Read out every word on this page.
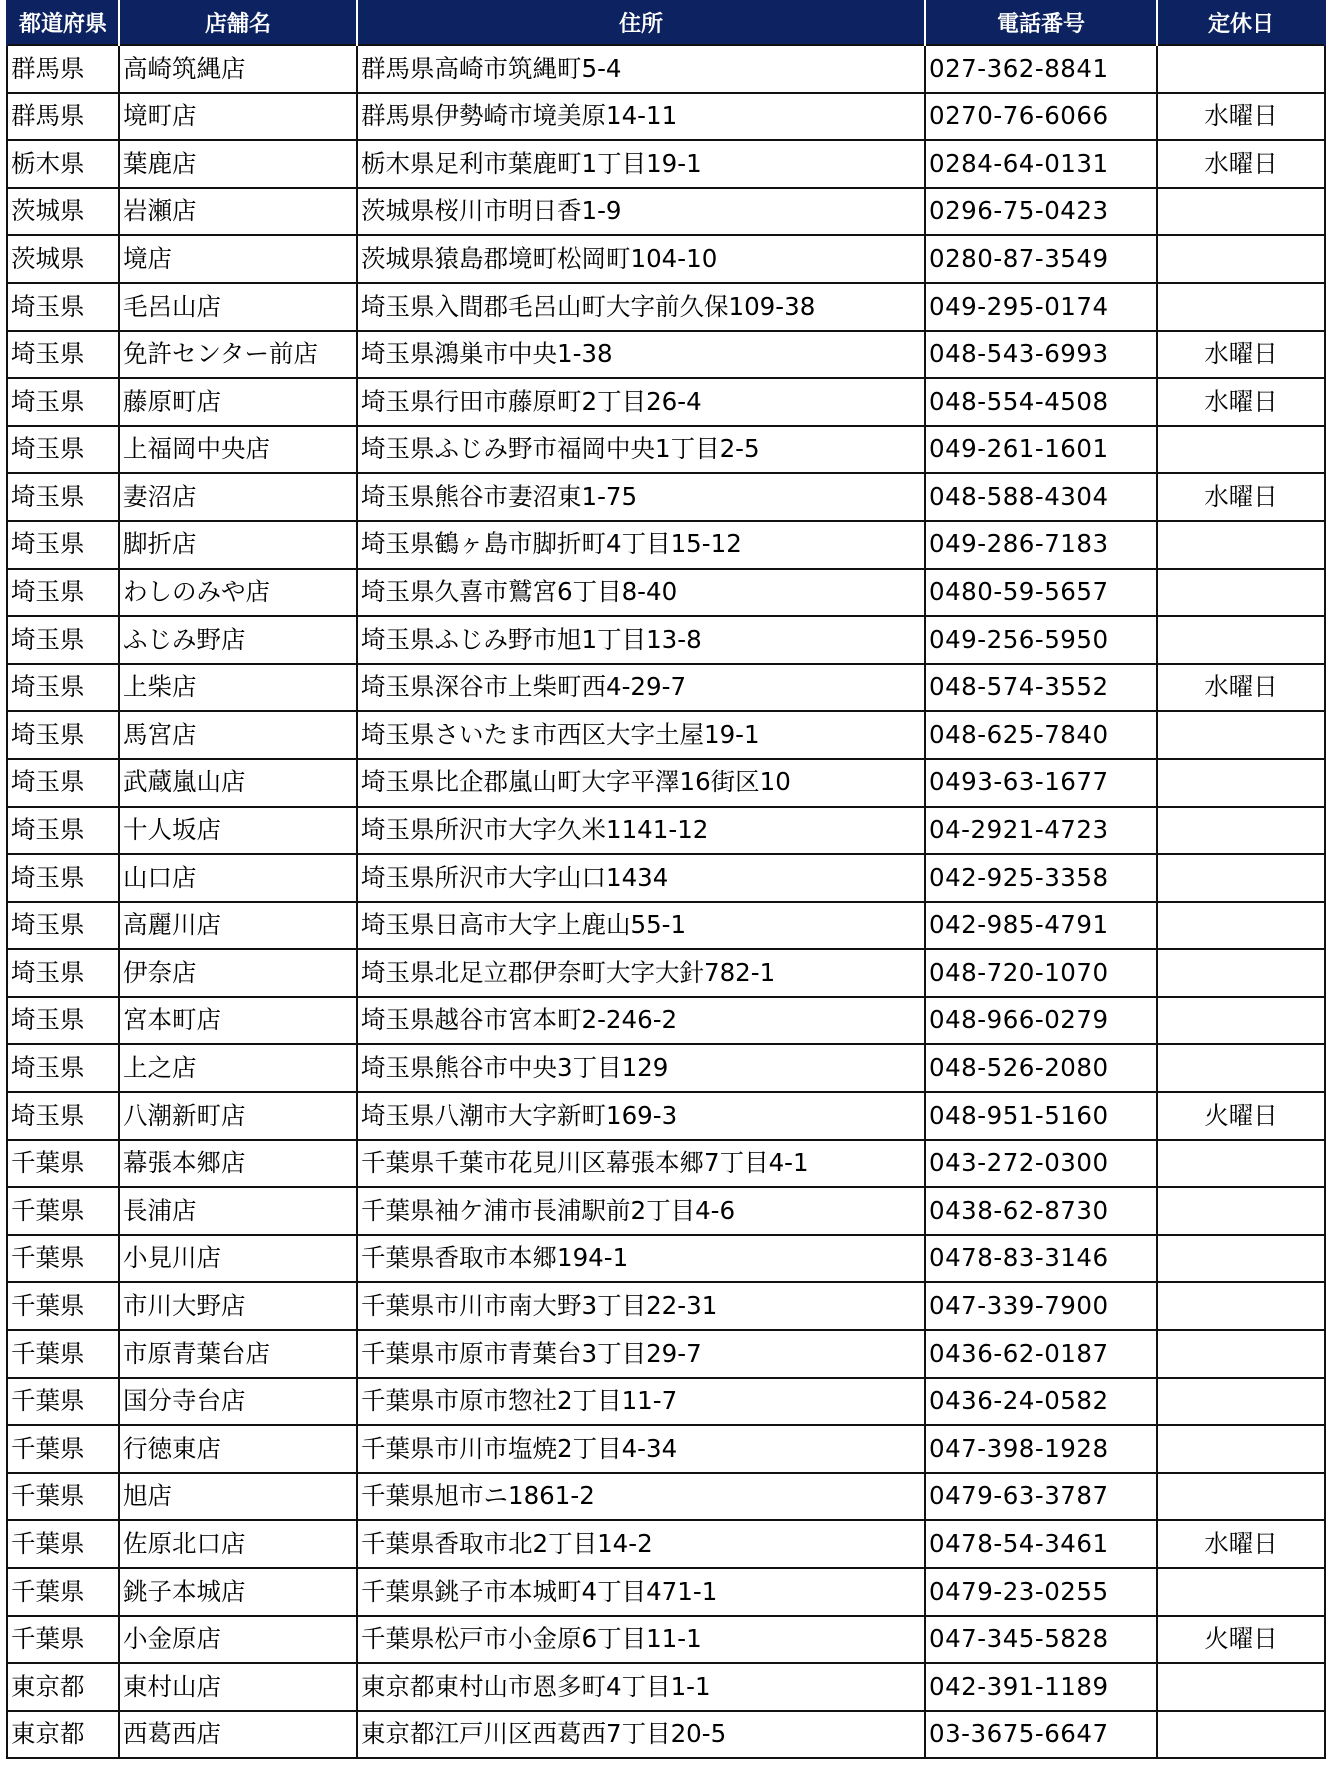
都道府県	店舗名	住所	電話番号	定休日
群馬県	高崎筑縄店	群馬県高崎市筑縄町5-4	027-362-8841	
群馬県	境町店	群馬県伊勢崎市境美原14-11	0270-76-6066	水曜日
栃木県	葉鹿店	栃木県足利市葉鹿町1丁目19-1	0284-64-0131	水曜日
茨城県	岩瀬店	茨城県桜川市明日香1-9	0296-75-0423	
茨城県	境店	茨城県猿島郡境町松岡町104-10	0280-87-3549	
埼玉県	毛呂山店	埼玉県入間郡毛呂山町大字前久保109-38	049-295-0174	
埼玉県	免許センター前店	埼玉県鴻巣市中央1-38	048-543-6993	水曜日
埼玉県	藤原町店	埼玉県行田市藤原町2丁目26-4	048-554-4508	水曜日
埼玉県	上福岡中央店	埼玉県ふじみ野市福岡中央1丁目2-5	049-261-1601	
埼玉県	妻沼店	埼玉県熊谷市妻沼東1-75	048-588-4304	水曜日
埼玉県	脚折店	埼玉県鶴ヶ島市脚折町4丁目15-12	049-286-7183	
埼玉県	わしのみや店	埼玉県久喜市鷲宮6丁目8-40	0480-59-5657	
埼玉県	ふじみ野店	埼玉県ふじみ野市旭1丁目13-8	049-256-5950	
埼玉県	上柴店	埼玉県深谷市上柴町西4-29-7	048-574-3552	水曜日
埼玉県	馬宮店	埼玉県さいたま市西区大字土屋19-1	048-625-7840	
埼玉県	武蔵嵐山店	埼玉県比企郡嵐山町大字平澤16街区10	0493-63-1677	
埼玉県	十人坂店	埼玉県所沢市大字久米1141-12	04-2921-4723	
埼玉県	山口店	埼玉県所沢市大字山口1434	042-925-3358	
埼玉県	高麗川店	埼玉県日高市大字上鹿山55-1	042-985-4791	
埼玉県	伊奈店	埼玉県北足立郡伊奈町大字大針782-1	048-720-1070	
埼玉県	宮本町店	埼玉県越谷市宮本町2-246-2	048-966-0279	
埼玉県	上之店	埼玉県熊谷市中央3丁目129	048-526-2080	
埼玉県	八潮新町店	埼玉県八潮市大字新町169-3	048-951-5160	火曜日
千葉県	幕張本郷店	千葉県千葉市花見川区幕張本郷7丁目4-1	043-272-0300	
千葉県	長浦店	千葉県袖ケ浦市長浦駅前2丁目4-6	0438-62-8730	
千葉県	小見川店	千葉県香取市本郷194-1	0478-83-3146	
千葉県	市川大野店	千葉県市川市南大野3丁目22-31	047-339-7900	
千葉県	市原青葉台店	千葉県市原市青葉台3丁目29-7	0436-62-0187	
千葉県	国分寺台店	千葉県市原市惣社2丁目11-7	0436-24-0582	
千葉県	行徳東店	千葉県市川市塩焼2丁目4-34	047-398-1928	
千葉県	旭店	千葉県旭市ニ1861-2	0479-63-3787	
千葉県	佐原北口店	千葉県香取市北2丁目14-2	0478-54-3461	水曜日
千葉県	銚子本城店	千葉県銚子市本城町4丁目471-1	0479-23-0255	
千葉県	小金原店	千葉県松戸市小金原6丁目11-1	047-345-5828	火曜日
東京都	東村山店	東京都東村山市恩多町4丁目1-1	042-391-1189	
東京都	西葛西店	東京都江戸川区西葛西7丁目20-5	03-3675-6647	
